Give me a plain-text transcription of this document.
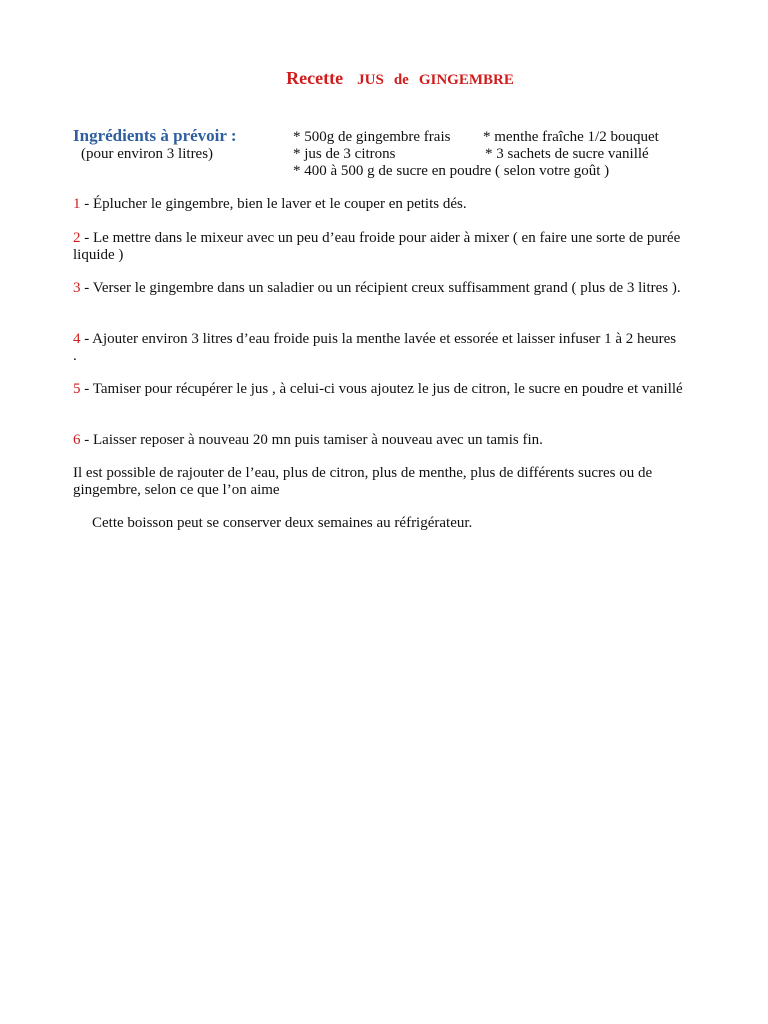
Recette JUS de GINGEMBRE
Ingrédients à prévoir :
(pour environ 3 litres)
* 500g de gingembre frais * menthe fraîche 1/2 bouquet
* jus de 3 citrons	* 3 sachets de sucre vanillé
* 400 à 500 g de sucre en poudre ( selon votre goût )
1 - Éplucher le gingembre, bien le laver et le couper en petits dés.
2 - Le mettre dans le mixeur avec un peu d’eau froide pour aider à mixer ( en faire une sorte de purée liquide )
3 - Verser le gingembre dans un saladier ou un récipient creux suffisamment grand ( plus de 3 litres ).
4 - Ajouter environ 3 litres d’eau froide puis la menthe lavée et essorée et laisser infuser 1 à 2 heures .
5 - Tamiser pour récupérer le jus , à celui-ci vous ajoutez le jus de citron, le sucre en poudre et vanillé
6 - Laisser reposer à nouveau 20 mn puis tamiser à nouveau avec un tamis fin.
Il est possible de rajouter de l’eau, plus de citron, plus de menthe, plus de différents sucres ou de gingembre, selon ce que l’on aime
Cette boisson peut se conserver deux semaines au réfrigérateur.
